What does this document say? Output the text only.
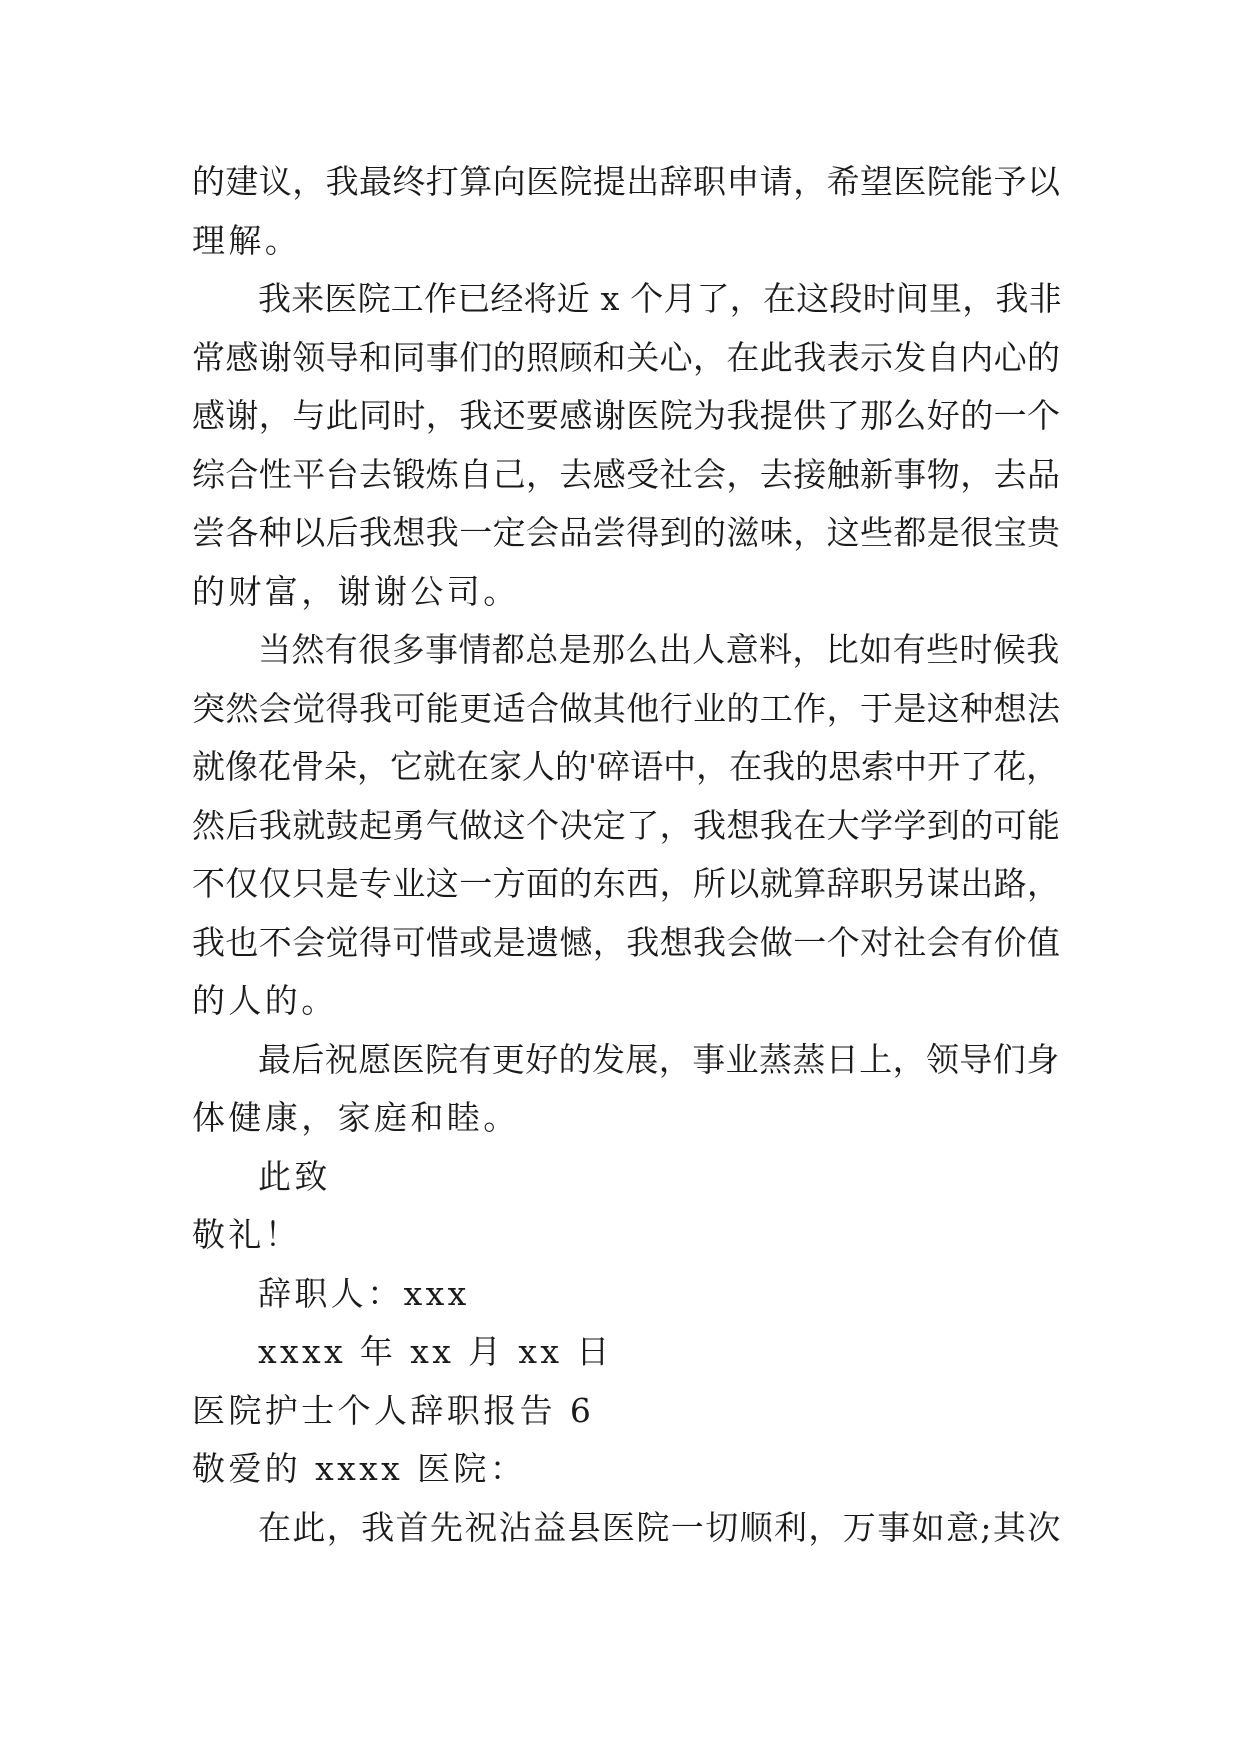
的建议，我最终打算向医院提出辞职申请，希望医院能予以
理解。
我来医院工作已经将近 x 个月了，在这段时间里，我非
常感谢领导和同事们的照顾和关心，在此我表示发自内心的
感谢，与此同时，我还要感谢医院为我提供了那么好的一个
综合性平台去锻炼自己，去感受社会，去接触新事物，去品
尝各种以后我想我一定会品尝得到的滋味，这些都是很宝贵
的财富，谢谢公司。
当然有很多事情都总是那么出人意料，比如有些时候我
突然会觉得我可能更适合做其他行业的工作，于是这种想法
就像花骨朵，它就在家人的'碎语中，在我的思索中开了花，
然后我就鼓起勇气做这个决定了，我想我在大学学到的可能
不仅仅只是专业这一方面的东西，所以就算辞职另谋出路，
我也不会觉得可惜或是遗憾，我想我会做一个对社会有价值
的人的。
最后祝愿医院有更好的发展，事业蒸蒸日上，领导们身
体健康，家庭和睦。
此致
敬礼！
辞职人：xxx
xxxx 年 xx 月 xx 日
医院护士个人辞职报告 6
敬爱的 xxxx 医院：
在此，我首先祝沾益县医院一切顺利，万事如意;其次
